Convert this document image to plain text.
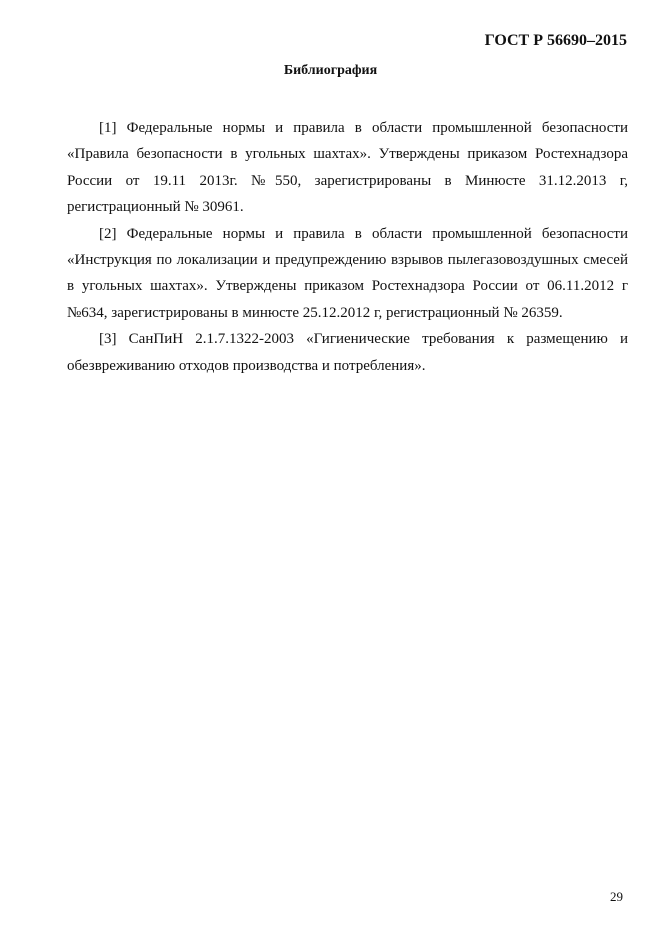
ГОСТ Р 56690–2015
Библиография

[1] Федеральные нормы и правила в области промышленной безопасности «Правила безопасности в угольных шахтах». Утверждены приказом Ростехнадзора России от 19.11 2013г. №550, зарегистрированы в Минюсте 31.12.2013 г, регистрационный № 30961.

[2] Федеральные нормы и правила в области промышленной безопасности «Инструкция по локализации и предупреждению взрывов пылегазовоздушных смесей в угольных шахтах». Утверждены приказом Ростехнадзора России от 06.11.2012 г №634, зарегистрированы в минюсте 25.12.2012 г, регистрационный № 26359.

[3] СанПиН 2.1.7.1322-2003 «Гигиенические требования к размещению и обезвреживанию отходов производства и потребления».

29
